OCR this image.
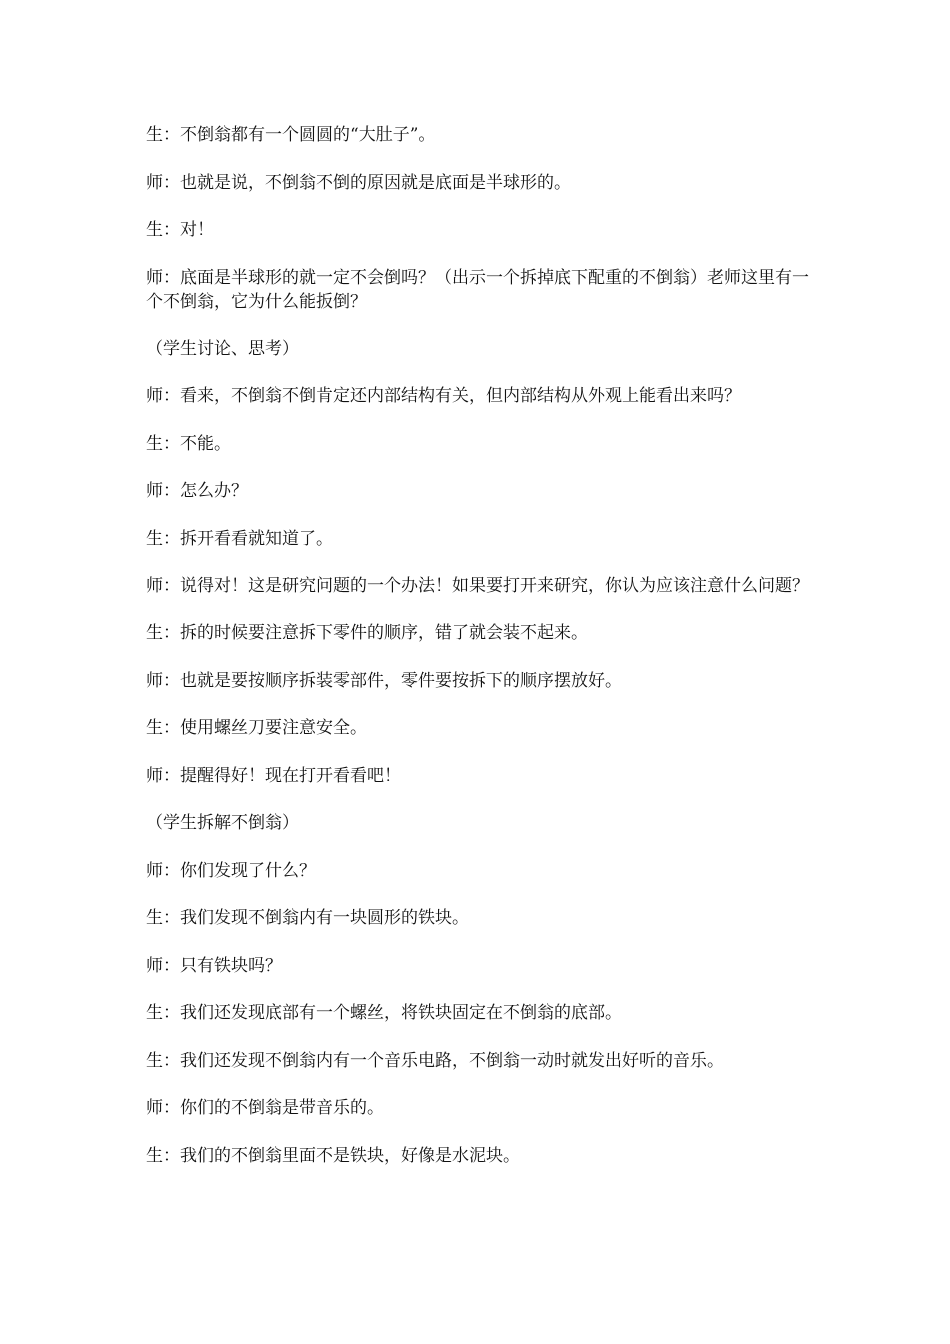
生：不倒翁都有一个圆圆的“大肚子”。

师：也就是说，不倒翁不倒的原因就是底面是半球形的。

生：对！

师：底面是半球形的就一定不会倒吗？（出示一个拆掉底下配重的不倒翁）老师这里有一个不倒翁，它为什么能扳倒？

（学生讨论、思考）

师：看来，不倒翁不倒肯定还内部结构有关，但内部结构从外观上能看出来吗？

生：不能。

师：怎么办？

生：拆开看看就知道了。

师：说得对！这是研究问题的一个办法！如果要打开来研究，你认为应该注意什么问题？

生：拆的时候要注意拆下零件的顺序，错了就会装不起来。

师：也就是要按顺序拆装零部件，零件要按拆下的顺序摆放好。

生：使用螺丝刀要注意安全。

师：提醒得好！现在打开看看吧！

（学生拆解不倒翁）

师：你们发现了什么？

生：我们发现不倒翁内有一块圆形的铁块。

师：只有铁块吗？

生：我们还发现底部有一个螺丝，将铁块固定在不倒翁的底部。

生：我们还发现不倒翁内有一个音乐电路，不倒翁一动时就发出好听的音乐。

师：你们的不倒翁是带音乐的。

生：我们的不倒翁里面不是铁块，好像是水泥块。
